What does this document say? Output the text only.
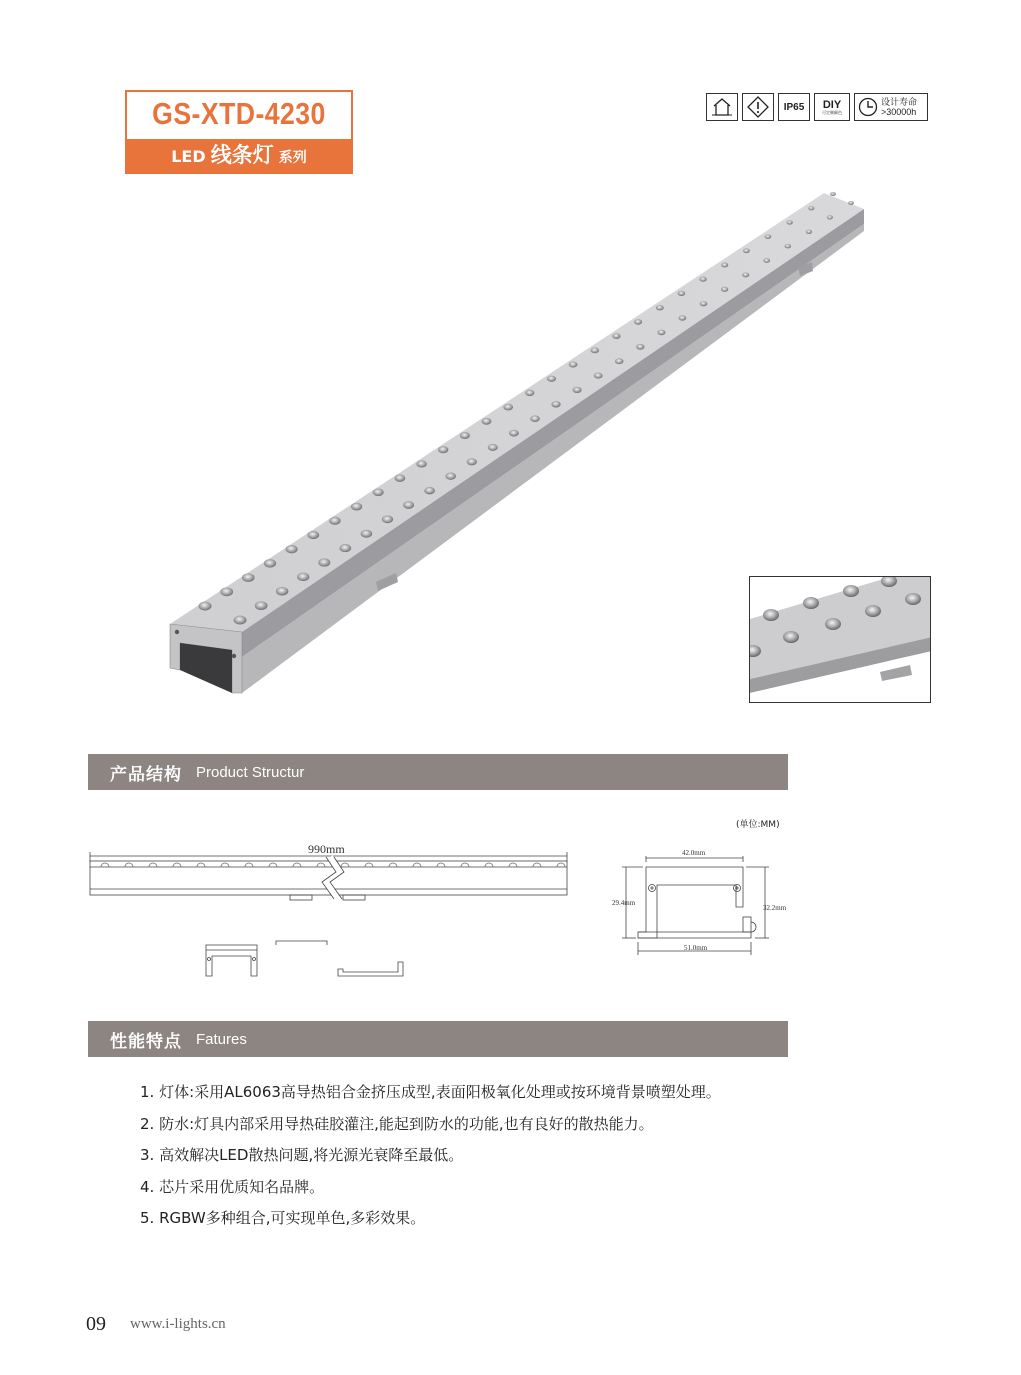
GS-XTD-4230
LED 线条灯 系列
IP65 DIY
可定制颜色
设计寿命
>30000h
产品结构 Product Structur
(单位:MM)
990mm	42.0mm
51.0mm
29.4mm
32.2mm
性能特点 Fatures
1. 灯体:采用AL6063高导热铝合金挤压成型,表面阳极氧化处理或按环境背景喷塑处理。
2. 防水:灯具内部采用导热硅胶灌注,能起到防水的功能,也有良好的散热能力。
3. 高效解决LED散热问题,将光源光衰降至最低。
4. 芯片采用优质知名品牌。
5. RGBW多种组合,可实现单色,多彩效果。
09 www.i-lights.cn
